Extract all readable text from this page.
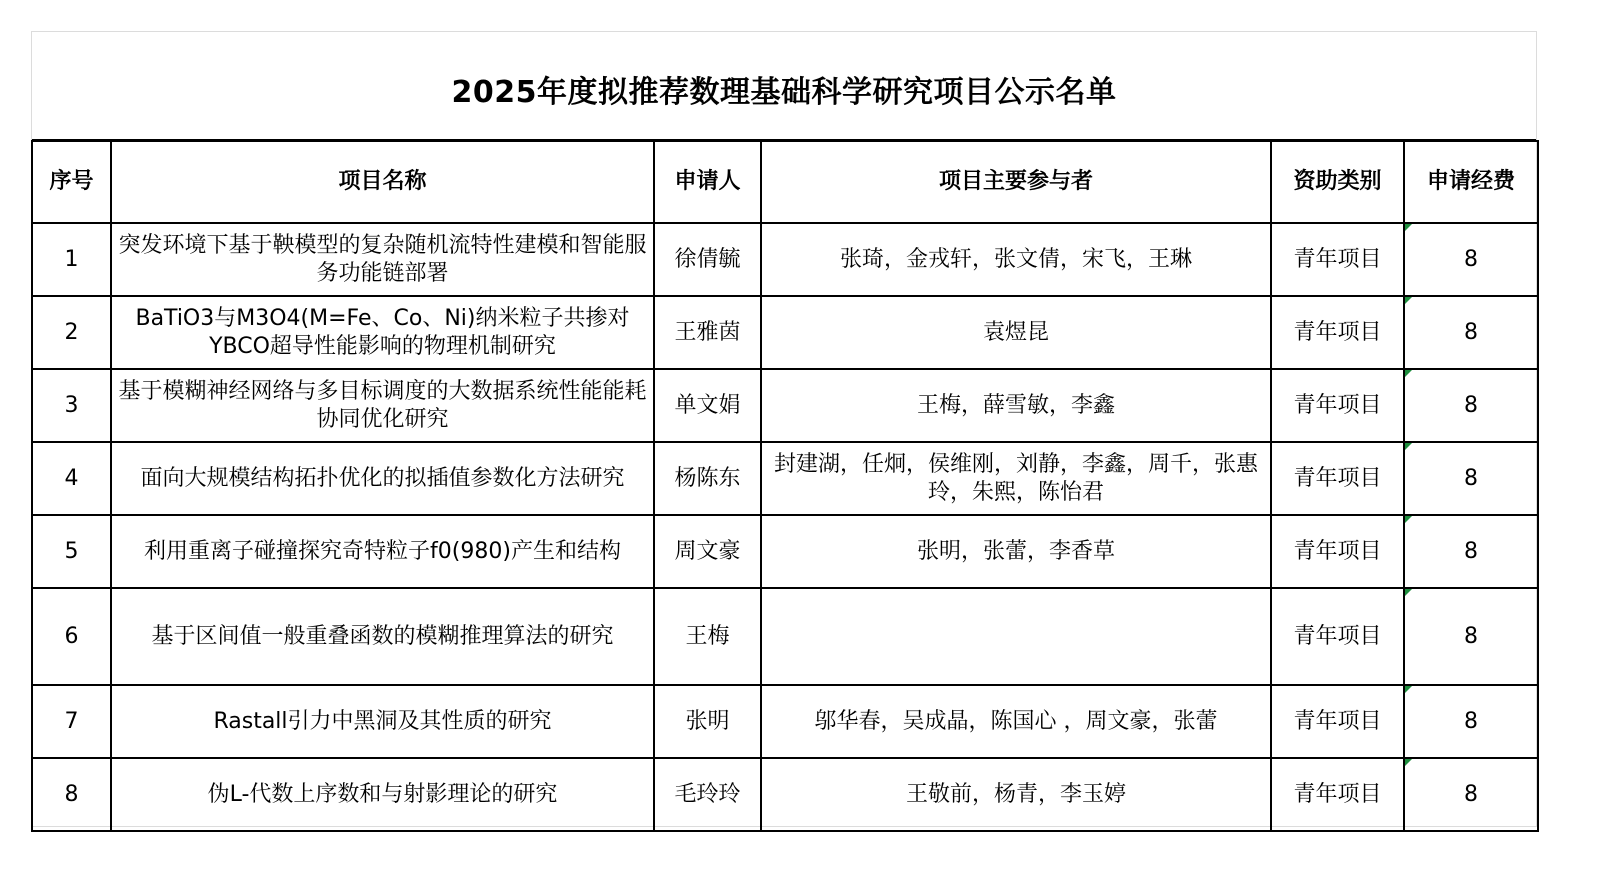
2025年度拟推荐数理基础科学研究项目公示名单
序号	项目名称	申请人	项目主要参与者	资助类别	申请经费
1	突发环境下基于鞅模型的复杂随机流特性建模和智能服务功能链部署	徐倩毓	张琦，金戎轩，张文倩，宋飞，王琳	青年项目	8
2	BaTiO3与M3O4(M=Fe、Co、Ni)纳米粒子共掺对YBCO超导性能影响的物理机制研究	王雅茵	袁煜昆	青年项目	8
3	基于模糊神经网络与多目标调度的大数据系统性能能耗协同优化研究	单文娟	王梅，薛雪敏，李鑫	青年项目	8
4	面向大规模结构拓扑优化的拟插值参数化方法研究	杨陈东	封建湖，任炯，侯维刚，刘静，李鑫，周千，张惠玲，朱熙，陈怡君	青年项目	8
5	利用重离子碰撞探究奇特粒子f0(980)产生和结构	周文豪	张明，张蕾，李香草	青年项目	8
6	基于区间值一般重叠函数的模糊推理算法的研究	王梅		青年项目	8
7	Rastall引力中黑洞及其性质的研究	张明	邬华春，吴成晶，陈国心 ，周文豪，张蕾	青年项目	8
8	伪L-代数上序数和与射影理论的研究	毛玲玲	王敬前，杨青，李玉婷	青年项目	8
